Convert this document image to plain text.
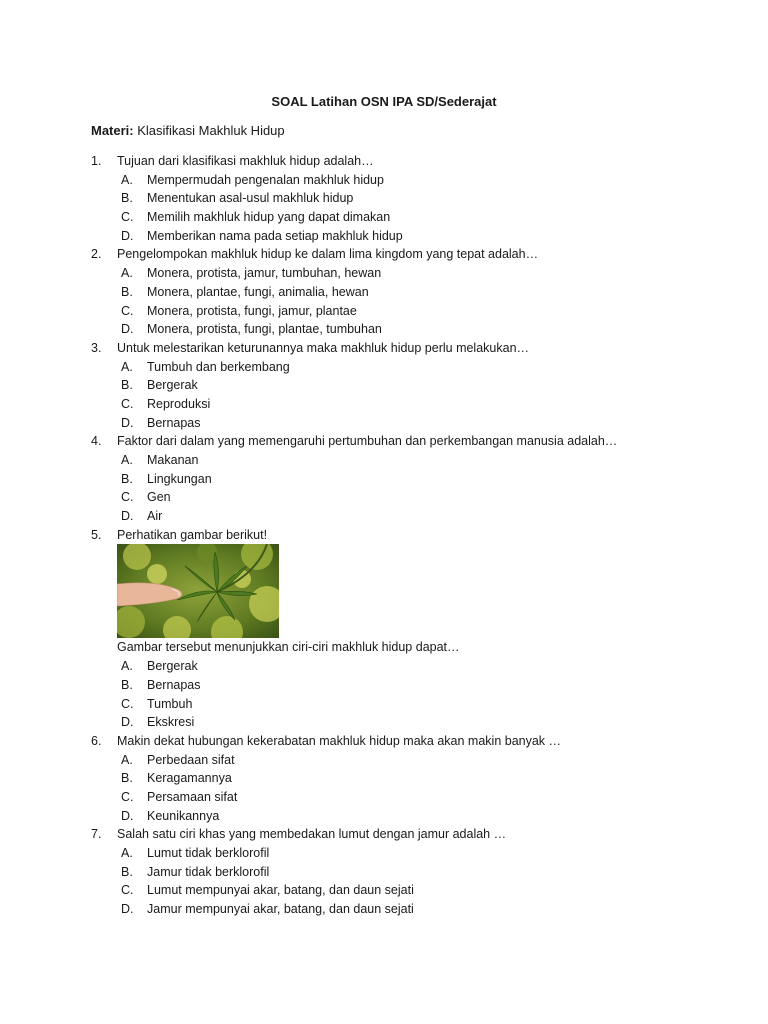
SOAL Latihan OSN IPA SD/Sederajat
Materi: Klasifikasi Makhluk Hidup
1.	Tujuan dari klasifikasi makhluk hidup adalah…
A.	Mempermudah pengenalan makhluk hidup
B.	Menentukan asal-usul makhluk hidup
C.	Memilih makhluk hidup yang dapat dimakan
D.	Memberikan nama pada setiap makhluk hidup
2.	Pengelompokan makhluk hidup ke dalam lima kingdom yang tepat adalah…
A.	Monera, protista, jamur, tumbuhan, hewan
B.	Monera, plantae, fungi, animalia, hewan
C.	Monera, protista, fungi, jamur, plantae
D.	Monera, protista, fungi, plantae, tumbuhan
3.	Untuk melestarikan keturunannya maka makhluk hidup perlu melakukan…
A.	Tumbuh dan berkembang
B.	Bergerak
C.	Reproduksi
D.	Bernapas
4.	Faktor dari dalam yang memengaruhi pertumbuhan dan perkembangan manusia adalah…
A.	Makanan
B.	Lingkungan
C.	Gen
D.	Air
5.	Perhatikan gambar berikut!
Gambar tersebut menunjukkan ciri-ciri makhluk hidup dapat…
A.	Bergerak
B.	Bernapas
C.	Tumbuh
D.	Ekskresi
6.	Makin dekat hubungan kekerabatan makhluk hidup maka akan makin banyak …
A.	Perbedaan sifat
B.	Keragamannya
C.	Persamaan sifat
D.	Keunikannya
7.	Salah satu ciri khas yang membedakan lumut dengan jamur adalah …
A.	Lumut tidak berklorofil
B.	Jamur tidak berklorofil
C.	Lumut mempunyai akar, batang, dan daun sejati
D.	Jamur mempunyai akar, batang, dan daun sejati
